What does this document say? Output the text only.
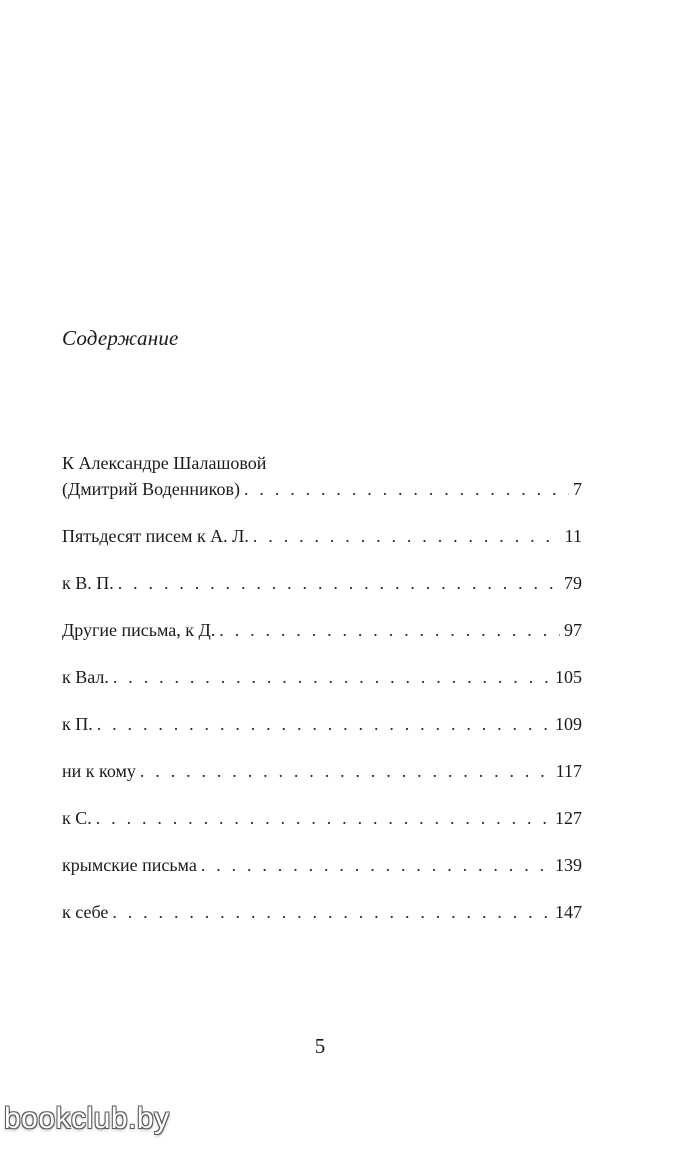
Содержание
К Александре Шалашовой
(Дмитрий Воденников) . . .	7
Пятьдесят писем к А. Л. . . .	11
к В. П. . . .	79
Другие письма, к Д. . . .	97
к Вал. . . .	105
к П. . . .	109
ни к кому . . .	117
к С. . . .	127
крымские письма . . .	139
к себе . . .	147
5
bookclub.by
